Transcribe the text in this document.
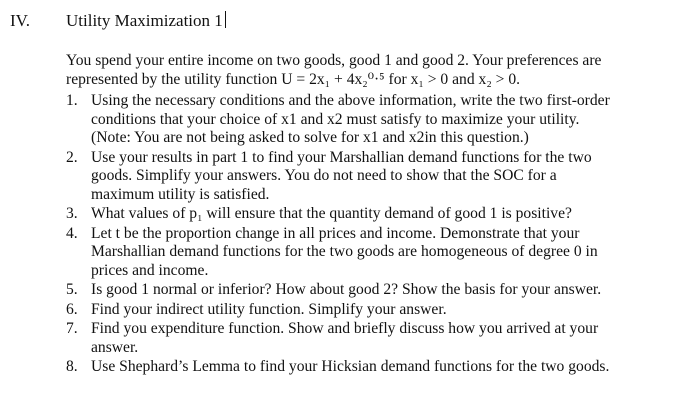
IV.	Utility Maximization 1

You spend your entire income on two goods, good 1 and good 2. Your preferences are
represented by the utility function U = 2x₁ + 4x₂⁰·⁵ for x₁ > 0 and x₂ > 0.

1. Using the necessary conditions and the above information, write the two first-order
conditions that your choice of x1 and x2 must satisfy to maximize your utility.
(Note: You are not being asked to solve for x1 and x2in this question.)
2. Use your results in part 1 to find your Marshallian demand functions for the two
goods. Simplify your answers. You do not need to show that the SOC for a
maximum utility is satisfied.
3. What values of p₁ will ensure that the quantity demand of good 1 is positive?
4. Let t be the proportion change in all prices and income. Demonstrate that your
Marshallian demand functions for the two goods are homogeneous of degree 0 in
prices and income.
5. Is good 1 normal or inferior? How about good 2? Show the basis for your answer.
6. Find your indirect utility function. Simplify your answer.
7. Find you expenditure function. Show and briefly discuss how you arrived at your
answer.
8. Use Shephard’s Lemma to find your Hicksian demand functions for the two goods.
